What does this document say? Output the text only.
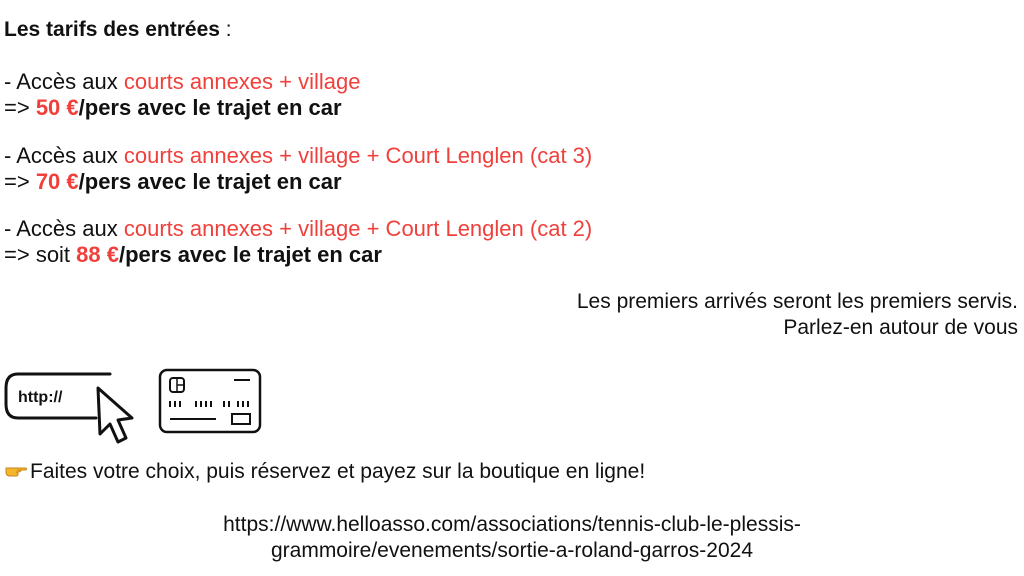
Les tarifs des entrées :
- Accès aux courts annexes + village
=> 50 €/pers avec le trajet en car
- Accès aux courts annexes + village + Court Lenglen (cat 3)
=> 70 €/pers avec le trajet en car
- Accès aux courts annexes + village + Court Lenglen (cat 2)
=> soit 88 €/pers avec le trajet en car
Les premiers arrivés seront les premiers servis.
Parlez-en autour de vous
http://
Faites votre choix, puis réservez et payez sur la boutique en ligne!
https://www.helloasso.com/associations/tennis-club-le-plessis-
grammoire/evenements/sortie-a-roland-garros-2024
